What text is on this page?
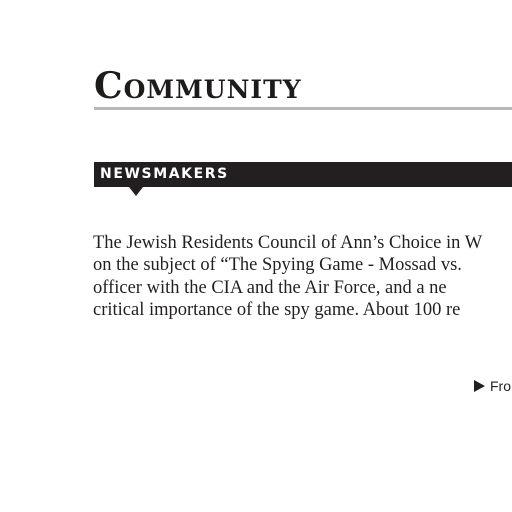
Community
NEWSMAKERS

The Jewish Residents Council of Ann’s Choice in W
on the subject of “The Spying Game - Mossad vs.
officer with the CIA and the Air Force, and a ne
critical importance of the spy game. About 100 re

Fro
